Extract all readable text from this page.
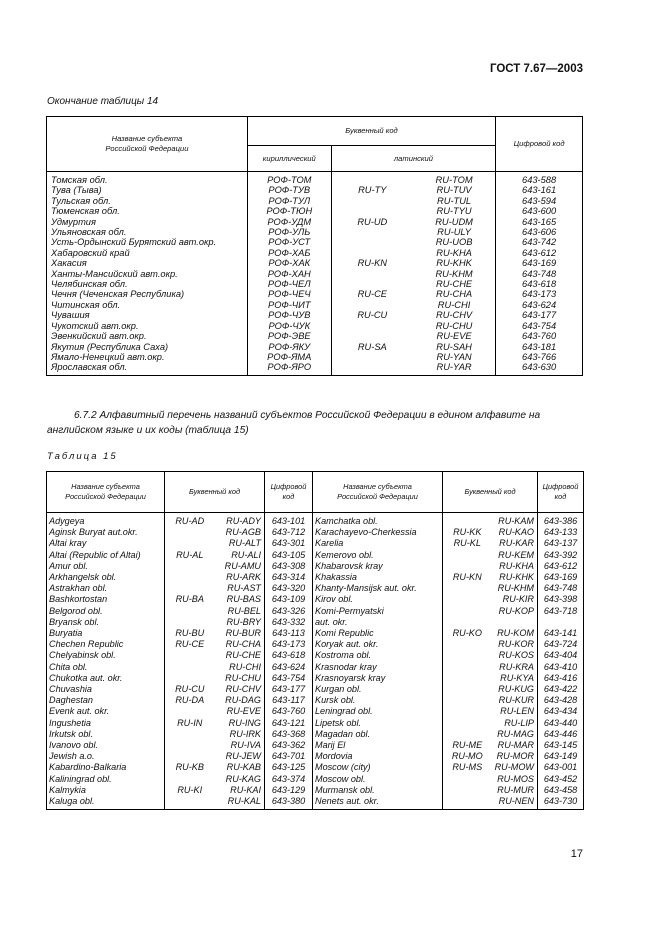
ГОСТ 7.67—2003
Окончание таблицы 14
Название субъекта Российской Федерации	Буквенный код			Цифровой код
	кириллический	латинский		
Томская обл.	РОФ-ТОМ		RU-TOM	643-588
Тува (Тыва)	РОФ-ТУВ	RU-TY	RU-TUV	643-161
Тульская обл.	РОФ-ТУЛ		RU-TUL	643-594
Тюменская обл.	РОФ-ТЮН		RU-TYU	643-600
Удмуртия	РОФ-УДМ	RU-UD	RU-UDM	643-165
Ульяновская обл.	РОФ-УЛЬ		RU-ULY	643-606
Усть-Ордынский Бурятский авт.окр.	РОФ-УСТ		RU-UOB	643-742
Хабаровский край	РОФ-ХАБ		RU-KHA	643-612
Хакасия	РОФ-ХАК	RU-KN	RU-KHK	643-169
Ханты-Мансийский авт.окр.	РОФ-ХАН		RU-KHM	643-748
Челябинская обл.	РОФ-ЧЕЛ		RU-CHE	643-618
Чечня (Чеченская Республика)	РОФ-ЧЕЧ	RU-CE	RU-CHA	643-173
Читинская обл.	РОФ-ЧИТ		RU-CHI	643-624
Чувашия	РОФ-ЧУВ	RU-CU	RU-CHV	643-177
Чукотский авт.окр.	РОФ-ЧУК		RU-CHU	643-754
Эвенкийский авт.окр.	РОФ-ЭВЕ		RU-EVE	643-760
Якутия (Республика Саха)	РОФ-ЯКУ	RU-SA	RU-SAH	643-181
Ямало-Ненецкий авт.окр.	РОФ-ЯМА		RU-YAN	643-766
Ярославская обл.	РОФ-ЯРО		RU-YAR	643-630
6.7.2 Алфавитный перечень названий субъектов Российской Федерации в едином алфавите на английском языке и их коды (таблица 15)
Таблица 15
Название субъекта Российской Федерации	Буквенный код		Цифровой код	Название субъекта Российской Федерации	Буквенный код		Цифровой код
Adygeya	RU-AD	RU-ADY	643-101	Kamchatka obl.		RU-KAM	643-386
Aginsk Buryat aut.okr.		RU-AGB	643-712	Karachayevo-Cherkessia	RU-KK	RU-KAO	643-133
Altai kray		RU-ALT	643-301	Karelia	RU-KL	RU-KAR	643-137
Altai (Republic of Altai)	RU-AL	RU-ALI	643-105	Kemerovo obl.		RU-KEM	643-392
Amur obl.		RU-AMU	643-308	Khabarovsk kray		RU-KHA	643-612
Arkhangelsk obl.		RU-ARK	643-314	Khakassia	RU-KN	RU-KHK	643-169
Astrakhan obl.		RU-AST	643-320	Khanty-Mansijsk aut. okr.		RU-KHM	643-748
Bashkortostan	RU-BA	RU-BAS	643-109	Kirov obl.		RU-KIR	643-398
Belgorod obl.		RU-BEL	643-326	Komi-Permyatski		RU-KOP	643-718
Bryansk obl.		RU-BRY	643-332	aut. okr.			
Buryatia	RU-BU	RU-BUR	643-113	Komi Republic	RU-KO	RU-KOM	643-141
Chechen Republic	RU-CE	RU-CHA	643-173	Koryak aut. okr.		RU-KOR	643-724
Chelyabinsk obl.		RU-CHE	643-618	Kostroma obl.		RU-KOS	643-404
Chita obl.		RU-CHI	643-624	Krasnodar kray		RU-KRA	643-410
Chukotka aut. okr.		RU-CHU	643-754	Krasnoyarsk kray		RU-KYA	643-416
Chuvashia	RU-CU	RU-CHV	643-177	Kurgan obl.		RU-KUG	643-422
Daghestan	RU-DA	RU-DAG	643-117	Kursk obl.		RU-KUR	643-428
Evenk aut. okr.		RU-EVE	643-760	Leningrad obl.		RU-LEN	643-434
Ingushetia	RU-IN	RU-ING	643-121	Lipetsk obl.		RU-LIP	643-440
Irkutsk obl.		RU-IRK	643-368	Magadan obl.		RU-MAG	643-446
Ivanovo obl.		RU-IVA	643-362	Marij El	RU-ME	RU-MAR	643-145
Jewish a.o.		RU-JEW	643-701	Mordovia	RU-MO	RU-MOR	643-149
Kabardino-Balkaria	RU-KB	RU-KAB	643-125	Moscow (city)	RU-MS	RU-MOW	643-001
Kaliningrad obl.		RU-KAG	643-374	Moscow obl.		RU-MOS	643-452
Kalmykia	RU-KI	RU-KAI	643-129	Murmansk obl.		RU-MUR	643-458
Kaluga obl.		RU-KAL	643-380	Nenets aut. okr.		RU-NEN	643-730
17
